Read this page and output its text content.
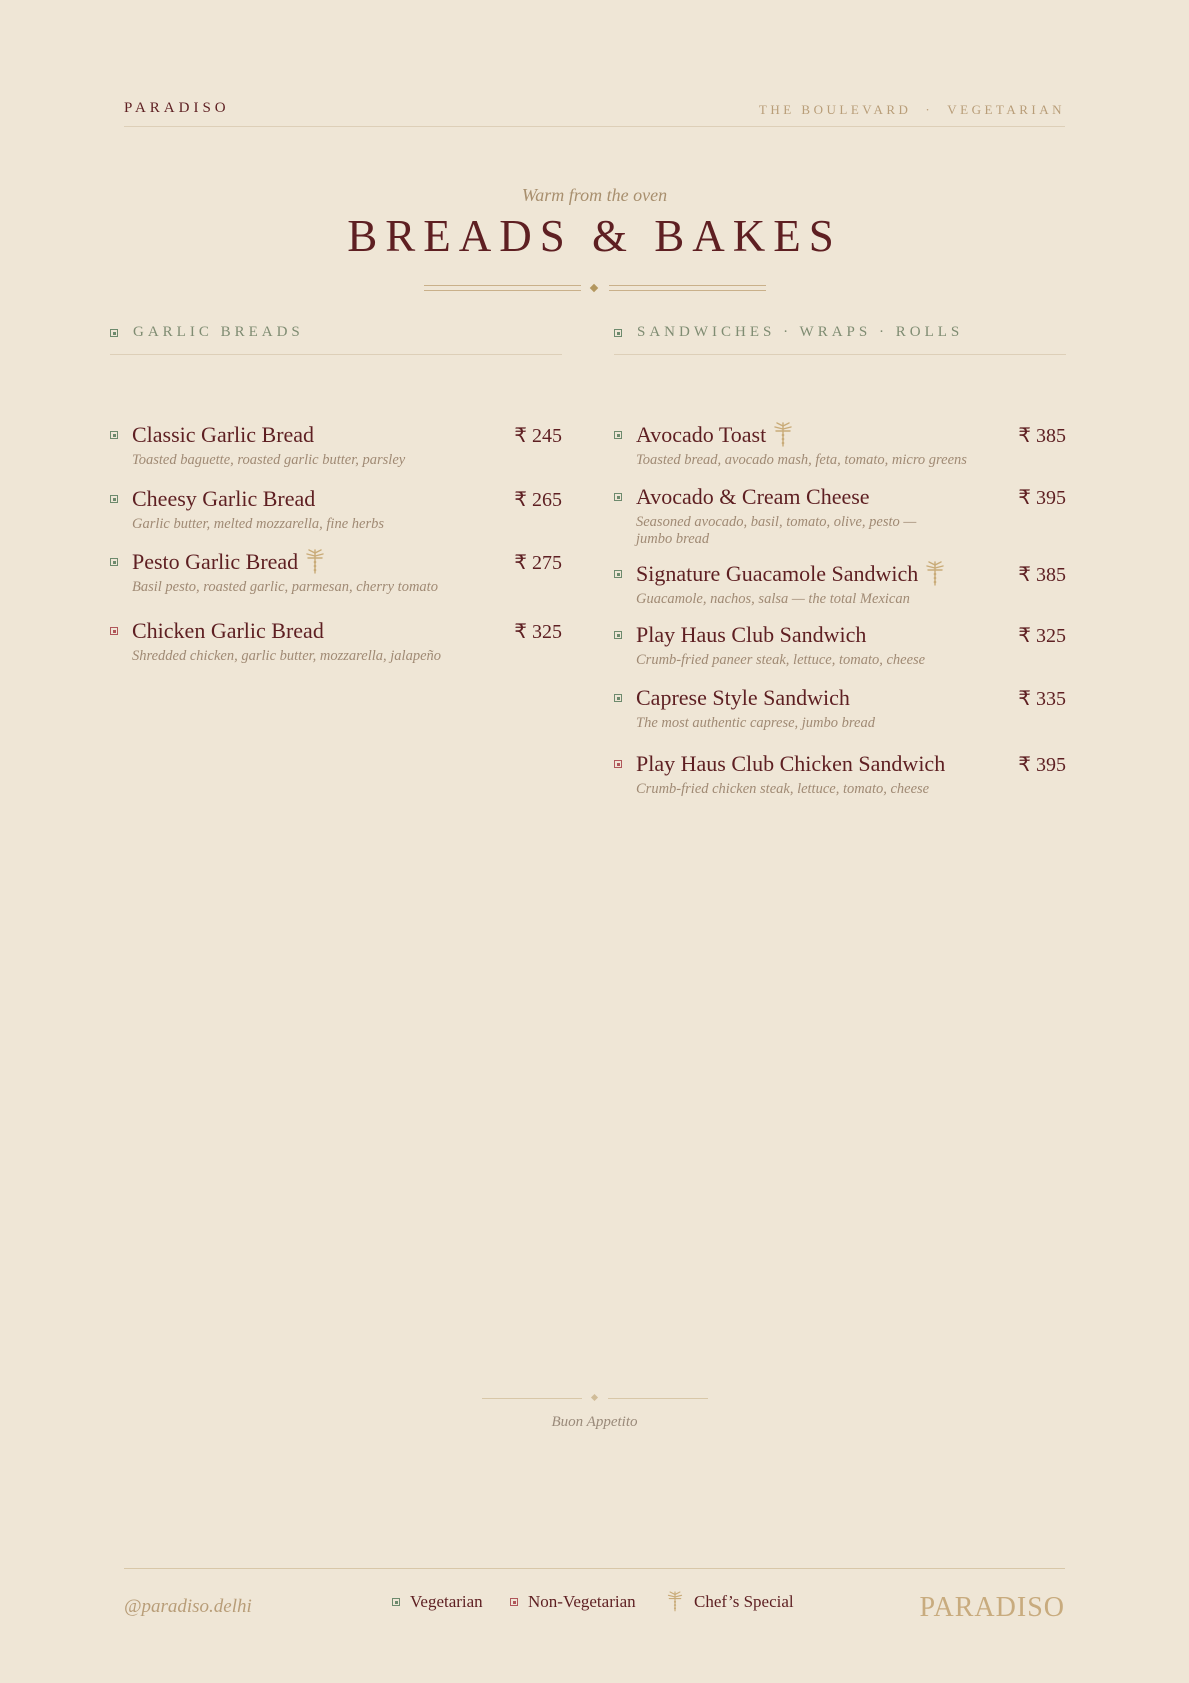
PARADISO	THE BOULEVARD · VEGETARIAN
Warm from the oven
BREADS & BAKES
GARLIC BREADS
Classic Garlic Bread
Toasted baguette, roasted garlic butter, parsley
₹ 245
Cheesy Garlic Bread
Garlic butter, melted mozzarella, fine herbs
₹ 265
Pesto Garlic Bread
Basil pesto, roasted garlic, parmesan, cherry tomato
₹ 275
Chicken Garlic Bread
Shredded chicken, garlic butter, mozzarella, jalapeño
₹ 325
SANDWICHES · WRAPS · ROLLS
Avocado Toast
Toasted bread, avocado mash, feta, tomato, micro greens
₹ 385
Avocado & Cream Cheese
Seasoned avocado, basil, tomato, olive, pesto — jumbo bread
₹ 395
Signature Guacamole Sandwich
Guacamole, nachos, salsa — the total Mexican
₹ 385
Play Haus Club Sandwich
Crumb-fried paneer steak, lettuce, tomato, cheese
₹ 325
Caprese Style Sandwich
The most authentic caprese, jumbo bread
₹ 335
Play Haus Club Chicken Sandwich
Crumb-fried chicken steak, lettuce, tomato, cheese
₹ 395
Buon Appetito
@paradiso.delhi	Vegetarian	Non-Vegetarian	Chef’s Special	PARADISO
